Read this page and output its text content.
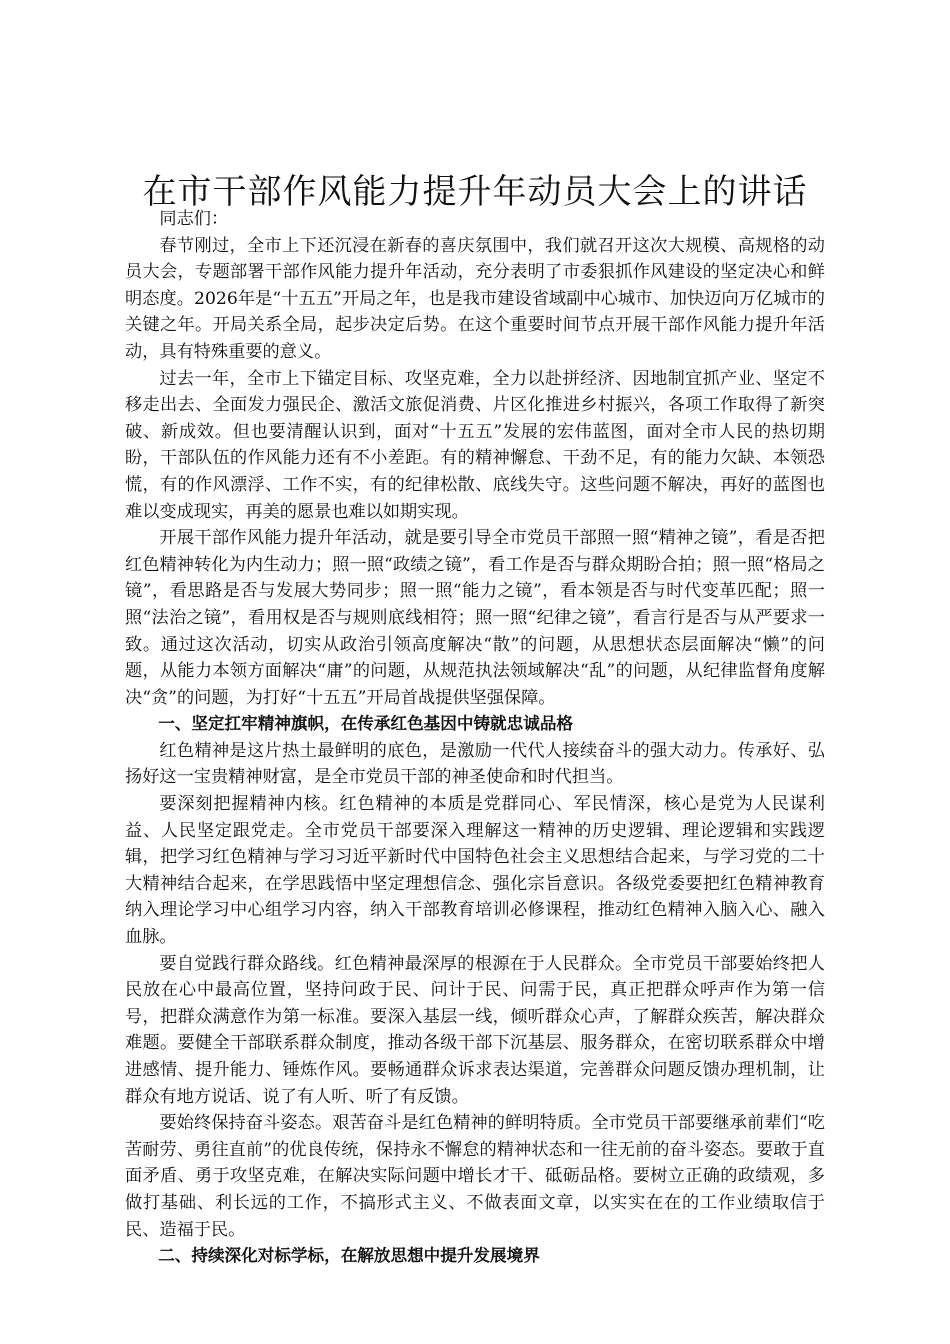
在市干部作风能力提升年动员大会上的讲话

同志们：

春节刚过，全市上下还沉浸在新春的喜庆氛围中，我们就召开这次大规模、高规格的动员大会，专题部署干部作风能力提升年活动，充分表明了市委狠抓作风建设的坚定决心和鲜明态度。2026年是“十五五”开局之年，也是我市建设省域副中心城市、加快迈向万亿城市的关键之年。开局关系全局，起步决定后势。在这个重要时间节点开展干部作风能力提升年活动，具有特殊重要的意义。

过去一年，全市上下锚定目标、攻坚克难，全力以赴拼经济、因地制宜抓产业、坚定不移走出去、全面发力强民企、激活文旅促消费、片区化推进乡村振兴，各项工作取得了新突破、新成效。但也要清醒认识到，面对“十五五”发展的宏伟蓝图，面对全市人民的热切期盼，干部队伍的作风能力还有不小差距。有的精神懈怠、干劲不足，有的能力欠缺、本领恐慌，有的作风漂浮、工作不实，有的纪律松散、底线失守。这些问题不解决，再好的蓝图也难以变成现实，再美的愿景也难以如期实现。

开展干部作风能力提升年活动，就是要引导全市党员干部照一照“精神之镜”，看是否把红色精神转化为内生动力；照一照“政绩之镜”，看工作是否与群众期盼合拍；照一照“格局之镜”，看思路是否与发展大势同步；照一照“能力之镜”，看本领是否与时代变革匹配；照一照“法治之镜”，看用权是否与规则底线相符；照一照“纪律之镜”，看言行是否与从严要求一致。通过这次活动，切实从政治引领高度解决“散”的问题，从思想状态层面解决“懒”的问题，从能力本领方面解决“庸”的问题，从规范执法领域解决“乱”的问题，从纪律监督角度解决“贪”的问题，为打好“十五五”开局首战提供坚强保障。

一、坚定扛牢精神旗帜，在传承红色基因中铸就忠诚品格

红色精神是这片热土最鲜明的底色，是激励一代代人接续奋斗的强大动力。传承好、弘扬好这一宝贵精神财富，是全市党员干部的神圣使命和时代担当。

要深刻把握精神内核。红色精神的本质是党群同心、军民情深，核心是党为人民谋利益、人民坚定跟党走。全市党员干部要深入理解这一精神的历史逻辑、理论逻辑和实践逻辑，把学习红色精神与学习习近平新时代中国特色社会主义思想结合起来，与学习党的二十大精神结合起来，在学思践悟中坚定理想信念、强化宗旨意识。各级党委要把红色精神教育纳入理论学习中心组学习内容，纳入干部教育培训必修课程，推动红色精神入脑入心、融入血脉。

要自觉践行群众路线。红色精神最深厚的根源在于人民群众。全市党员干部要始终把人民放在心中最高位置，坚持问政于民、问计于民、问需于民，真正把群众呼声作为第一信号，把群众满意作为第一标准。要深入基层一线，倾听群众心声，了解群众疾苦，解决群众难题。要健全干部联系群众制度，推动各级干部下沉基层、服务群众，在密切联系群众中增进感情、提升能力、锤炼作风。要畅通群众诉求表达渠道，完善群众问题反馈办理机制，让群众有地方说话、说了有人听、听了有反馈。

要始终保持奋斗姿态。艰苦奋斗是红色精神的鲜明特质。全市党员干部要继承前辈们“吃苦耐劳、勇往直前”的优良传统，保持永不懈怠的精神状态和一往无前的奋斗姿态。要敢于直面矛盾、勇于攻坚克难，在解决实际问题中增长才干、砥砺品格。要树立正确的政绩观，多做打基础、利长远的工作，不搞形式主义、不做表面文章，以实实在在的工作业绩取信于民、造福于民。

二、持续深化对标学标，在解放思想中提升发展境界
